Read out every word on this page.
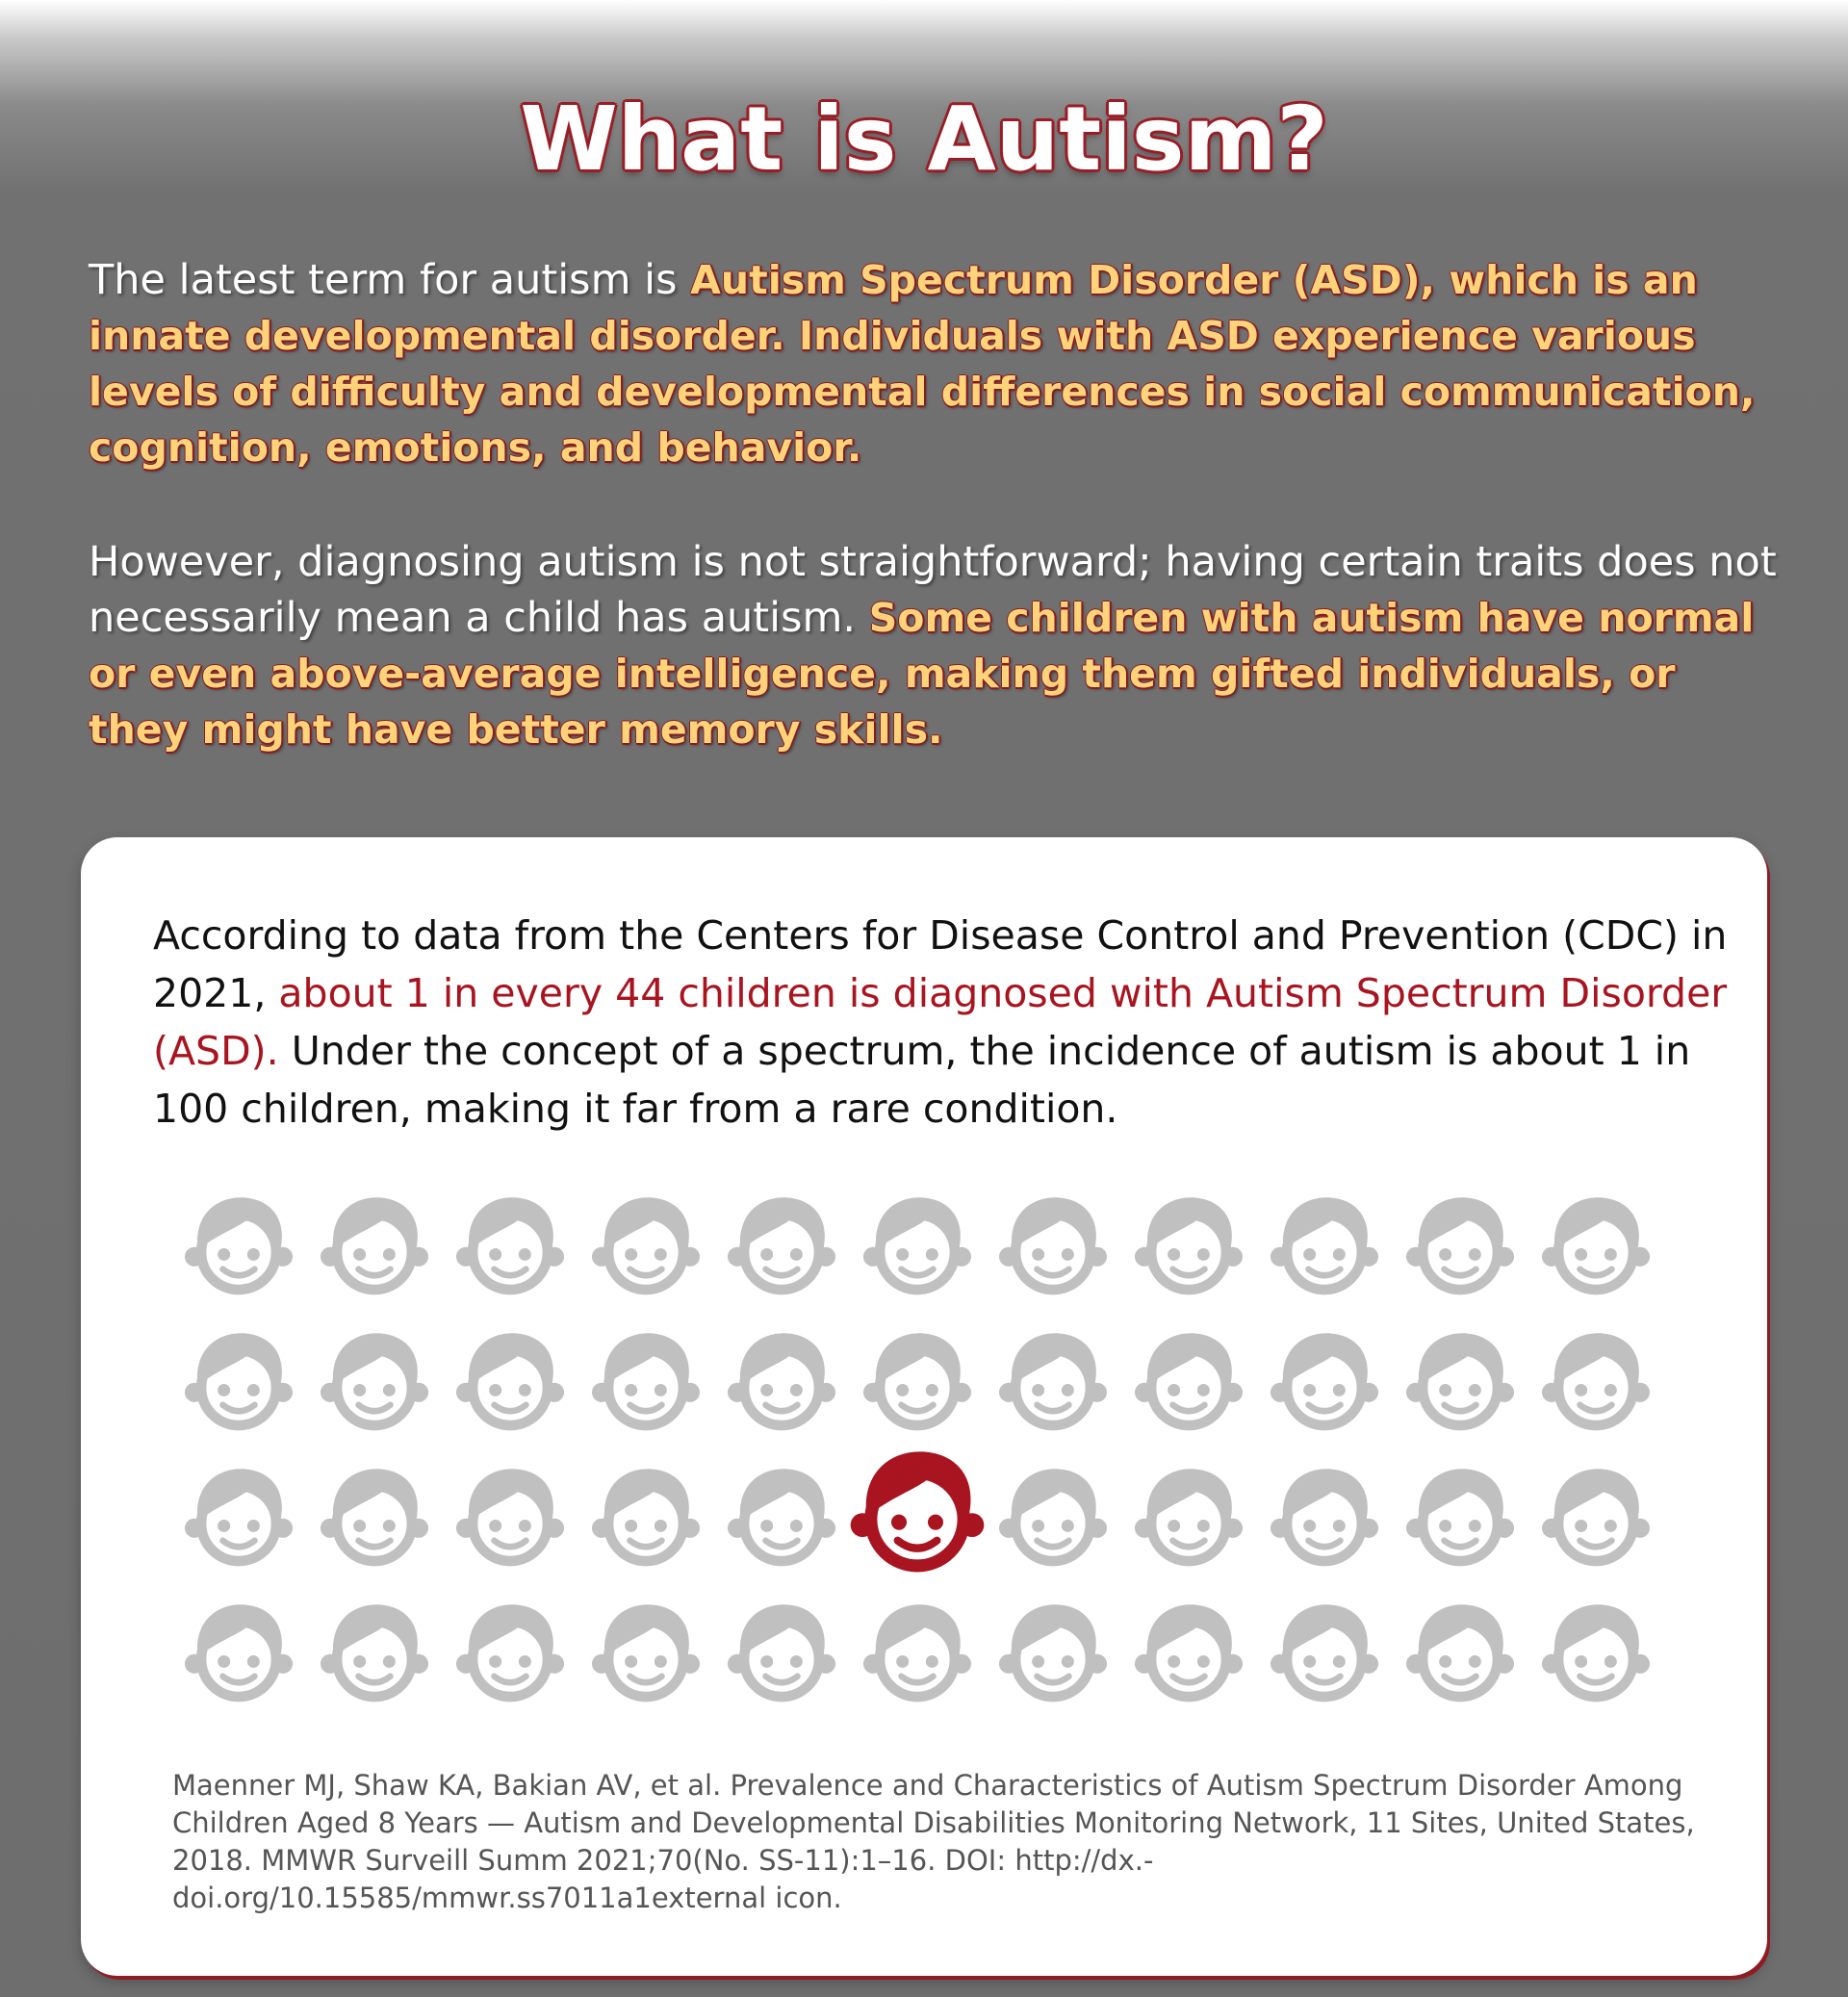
What is Autism?

The latest term for autism is Autism Spectrum Disorder (ASD), which is an innate developmental disorder. Individuals with ASD experience various levels of difficulty and developmental differences in social communication, cognition, emotions, and behavior.

However, diagnosing autism is not straightforward; having certain traits does not necessarily mean a child has autism. Some children with autism have normal or even above-average intelligence, making them gifted individuals, or they might have better memory skills.

According to data from the Centers for Disease Control and Prevention (CDC) in 2021, about 1 in every 44 children is diagnosed with Autism Spectrum Disorder (ASD). Under the concept of a spectrum, the incidence of autism is about 1 in 100 children, making it far from a rare condition.

Maenner MJ, Shaw KA, Bakian AV, et al. Prevalence and Characteristics of Autism Spectrum Disorder Among Children Aged 8 Years — Autism and Developmental Disabilities Monitoring Network, 11 Sites, United States, 2018. MMWR Surveill Summ 2021;70(No. SS-11):1–16. DOI: http://dx.-doi.org/10.15585/mmwr.ss7011a1external icon.
